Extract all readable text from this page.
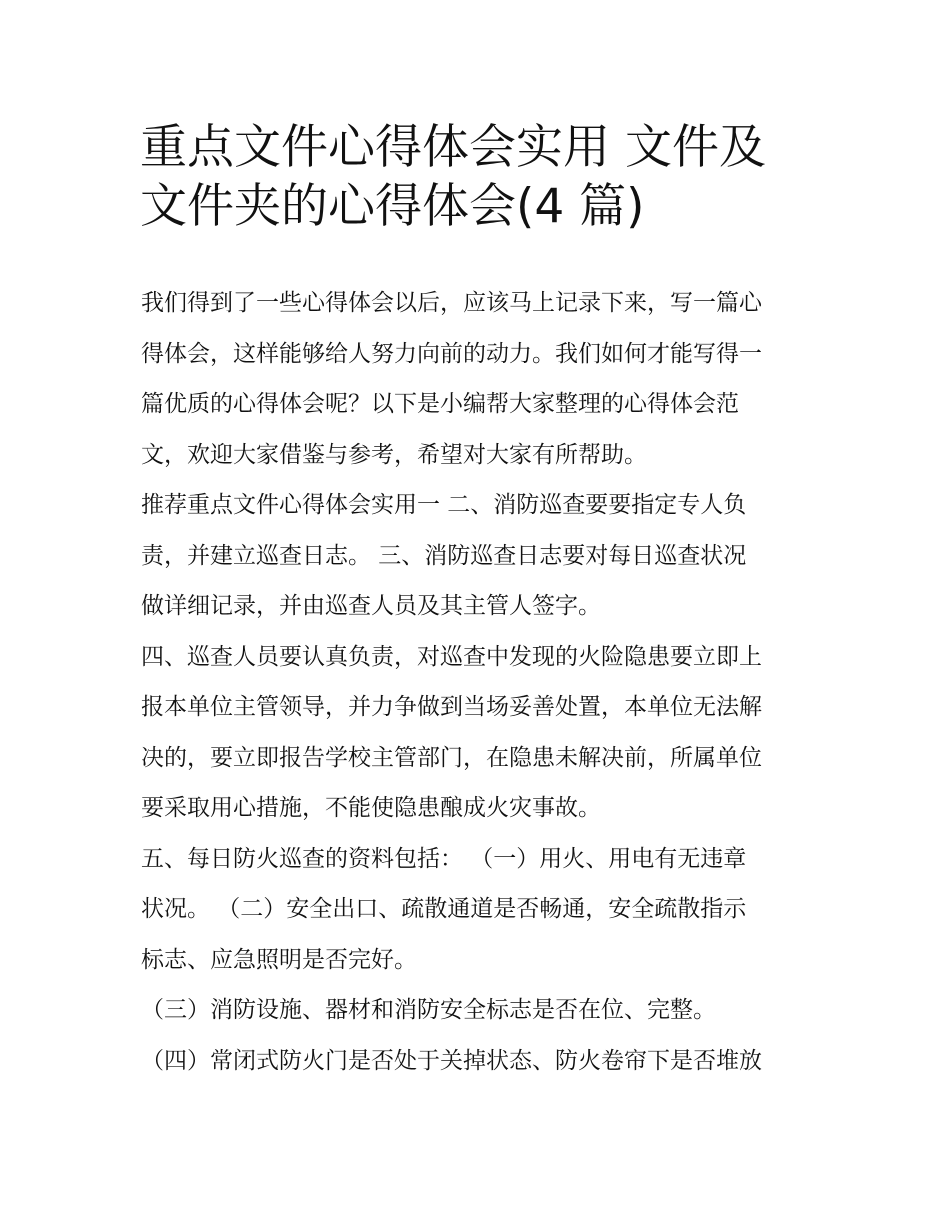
重点文件心得体会实用 文件及
文件夹的心得体会(4 篇)

我们得到了一些心得体会以后，应该马上记录下来，写一篇心
得体会，这样能够给人努力向前的动力。我们如何才能写得一
篇优质的心得体会呢？以下是小编帮大家整理的心得体会范
文，欢迎大家借鉴与参考，希望对大家有所帮助。

推荐重点文件心得体会实用一 二、消防巡查要要指定专人负
责，并建立巡查日志。 三、消防巡查日志要对每日巡查状况
做详细记录，并由巡查人员及其主管人签字。

四、巡查人员要认真负责，对巡查中发现的火险隐患要立即上
报本单位主管领导，并力争做到当场妥善处置，本单位无法解
决的，要立即报告学校主管部门，在隐患未解决前，所属单位
要采取用心措施，不能使隐患酿成火灾事故。

五、每日防火巡查的资料包括： （一）用火、用电有无违章
状况。 （二）安全出口、疏散通道是否畅通，安全疏散指示
标志、应急照明是否完好。

（三）消防设施、器材和消防安全标志是否在位、完整。

（四）常闭式防火门是否处于关掉状态、防火卷帘下是否堆放
